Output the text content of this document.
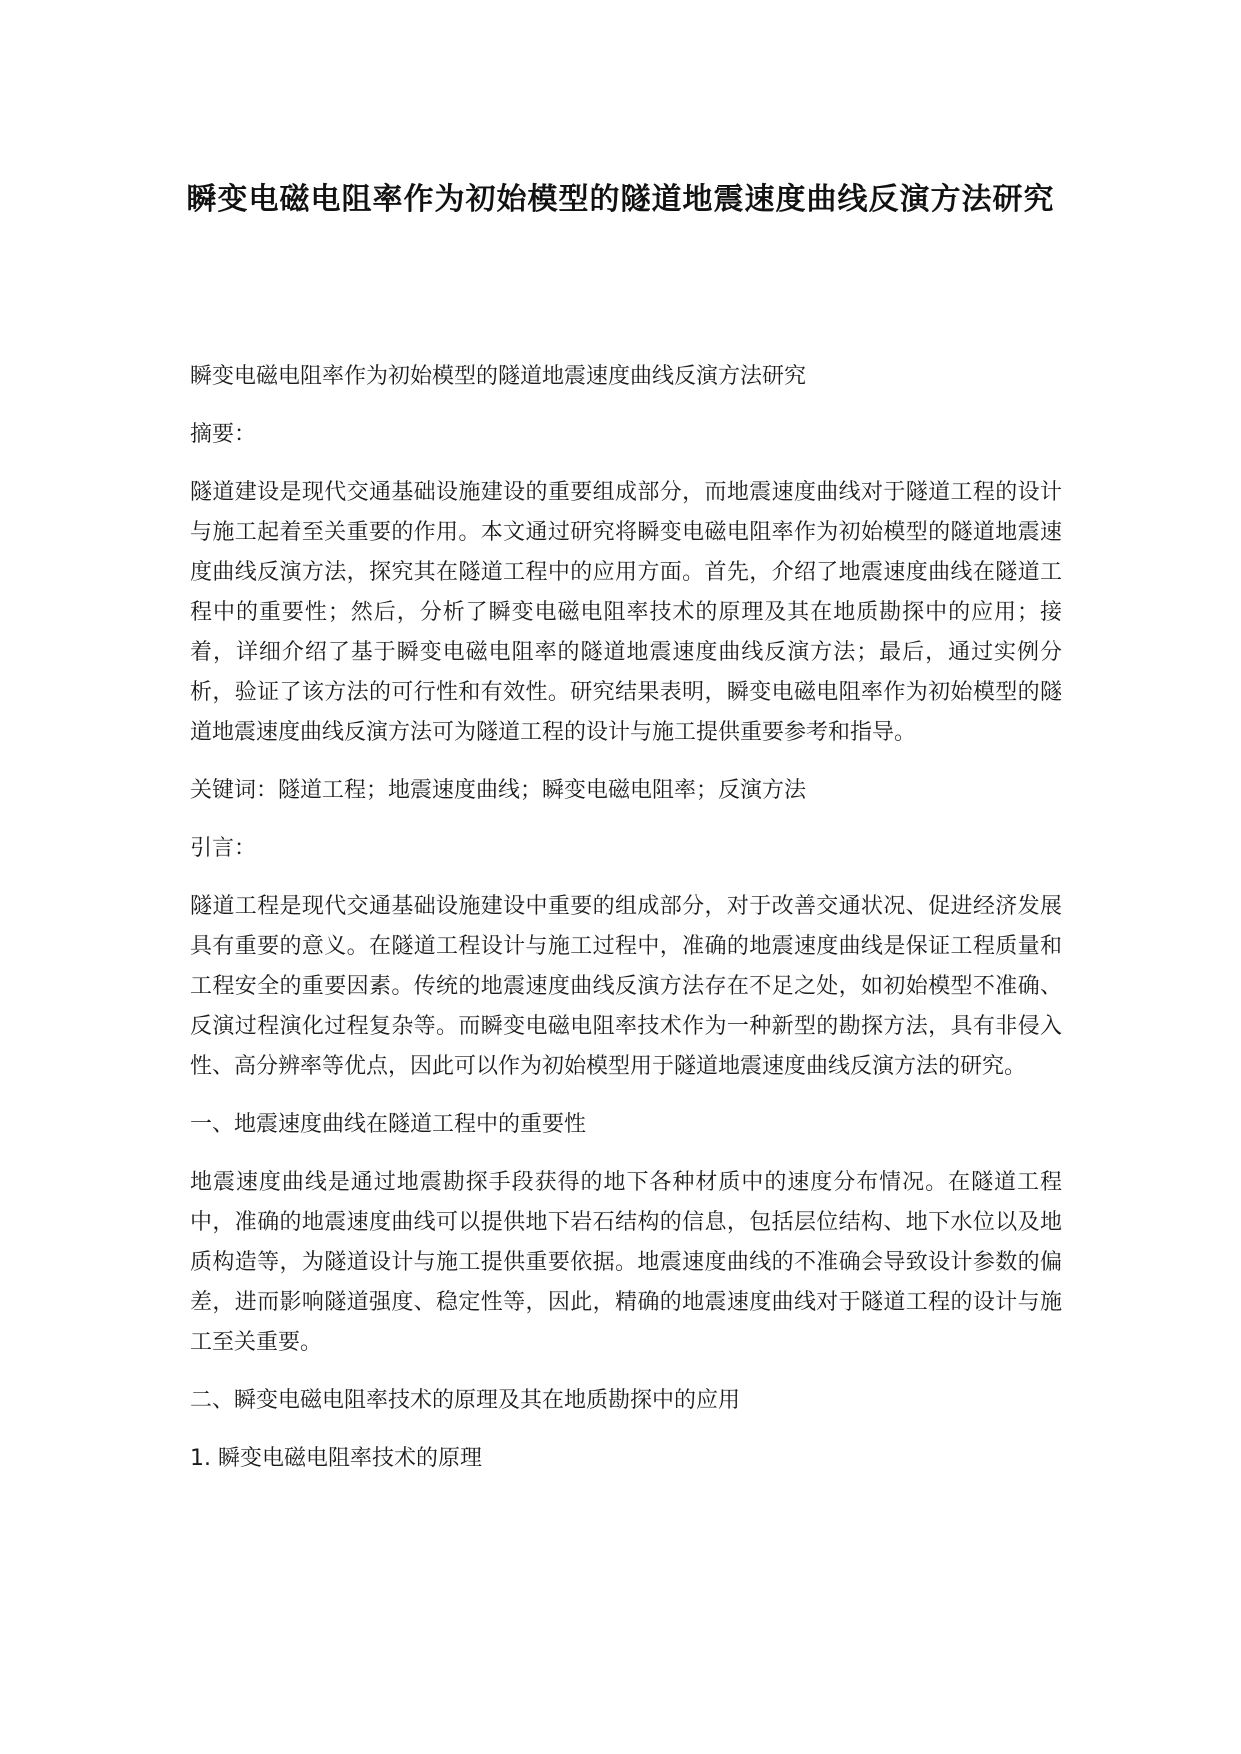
瞬变电磁电阻率作为初始模型的隧道地震速度曲线反演方法研究

瞬变电磁电阻率作为初始模型的隧道地震速度曲线反演方法研究

摘要：

隧道建设是现代交通基础设施建设的重要组成部分，而地震速度曲线对于隧道工程的设计与施工起着至关重要的作用。本文通过研究将瞬变电磁电阻率作为初始模型的隧道地震速度曲线反演方法，探究其在隧道工程中的应用方面。首先，介绍了地震速度曲线在隧道工程中的重要性；然后，分析了瞬变电磁电阻率技术的原理及其在地质勘探中的应用；接着，详细介绍了基于瞬变电磁电阻率的隧道地震速度曲线反演方法；最后，通过实例分析，验证了该方法的可行性和有效性。研究结果表明，瞬变电磁电阻率作为初始模型的隧道地震速度曲线反演方法可为隧道工程的设计与施工提供重要参考和指导。

关键词：隧道工程；地震速度曲线；瞬变电磁电阻率；反演方法

引言：

隧道工程是现代交通基础设施建设中重要的组成部分，对于改善交通状况、促进经济发展具有重要的意义。在隧道工程设计与施工过程中，准确的地震速度曲线是保证工程质量和工程安全的重要因素。传统的地震速度曲线反演方法存在不足之处，如初始模型不准确、反演过程演化过程复杂等。而瞬变电磁电阻率技术作为一种新型的勘探方法，具有非侵入性、高分辨率等优点，因此可以作为初始模型用于隧道地震速度曲线反演方法的研究。

一、地震速度曲线在隧道工程中的重要性

地震速度曲线是通过地震勘探手段获得的地下各种材质中的速度分布情况。在隧道工程中，准确的地震速度曲线可以提供地下岩石结构的信息，包括层位结构、地下水位以及地质构造等，为隧道设计与施工提供重要依据。地震速度曲线的不准确会导致设计参数的偏差，进而影响隧道强度、稳定性等，因此，精确的地震速度曲线对于隧道工程的设计与施工至关重要。

二、瞬变电磁电阻率技术的原理及其在地质勘探中的应用

1. 瞬变电磁电阻率技术的原理
